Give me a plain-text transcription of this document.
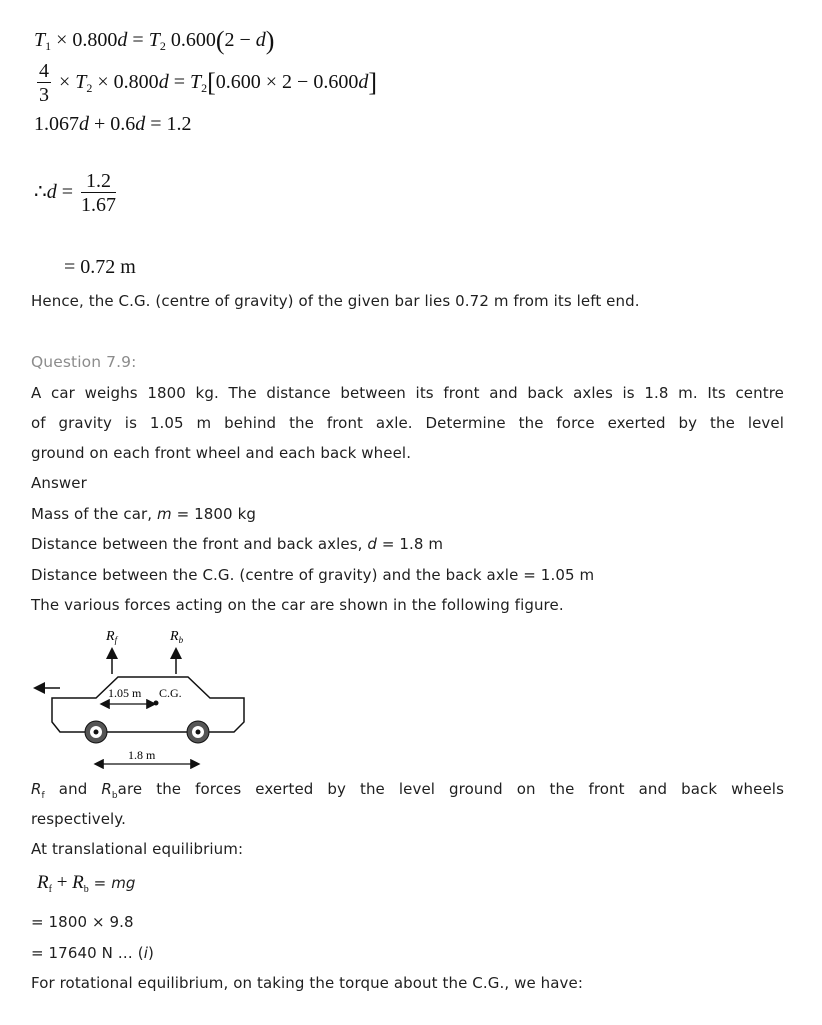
$T_1 \times 0.800d = T_2$ 0.600(2 − d)
$\frac{4}{3} \times T_2 \times 0.800d = T_2[0.600 \times 2 - 0.600d]$
1.067d + 0.6d = 1.2
∴d = $\frac{1.2}{1.67}$
= 0.72 m
Hence, the C.G. (centre of gravity) of the given bar lies 0.72 m from its left end.
Question 7.9:
A car weighs 1800 kg. The distance between its front and back axles is 1.8 m. Its centre
of gravity is 1.05 m behind the front axle. Determine the force exerted by the level
ground on each front wheel and each back wheel.
Answer
Mass of the car, m = 1800 kg
Distance between the front and back axles, d = 1.8 m
Distance between the C.G. (centre of gravity) and the back axle = 1.05 m
The various forces acting on the car are shown in the following figure.
$R_f$	$R_b$
C.G.
1.05 m
1.8 m
$R_f$ and $R_bare$ the forces exerted by the level ground on the front and back wheels
respectively.
At translational equilibrium:
$R_f + R_b$ = mg
= 1800 × 9.8
= 17640 N … (i)
For rotational equilibrium, on taking the torque about the C.G., we have:
